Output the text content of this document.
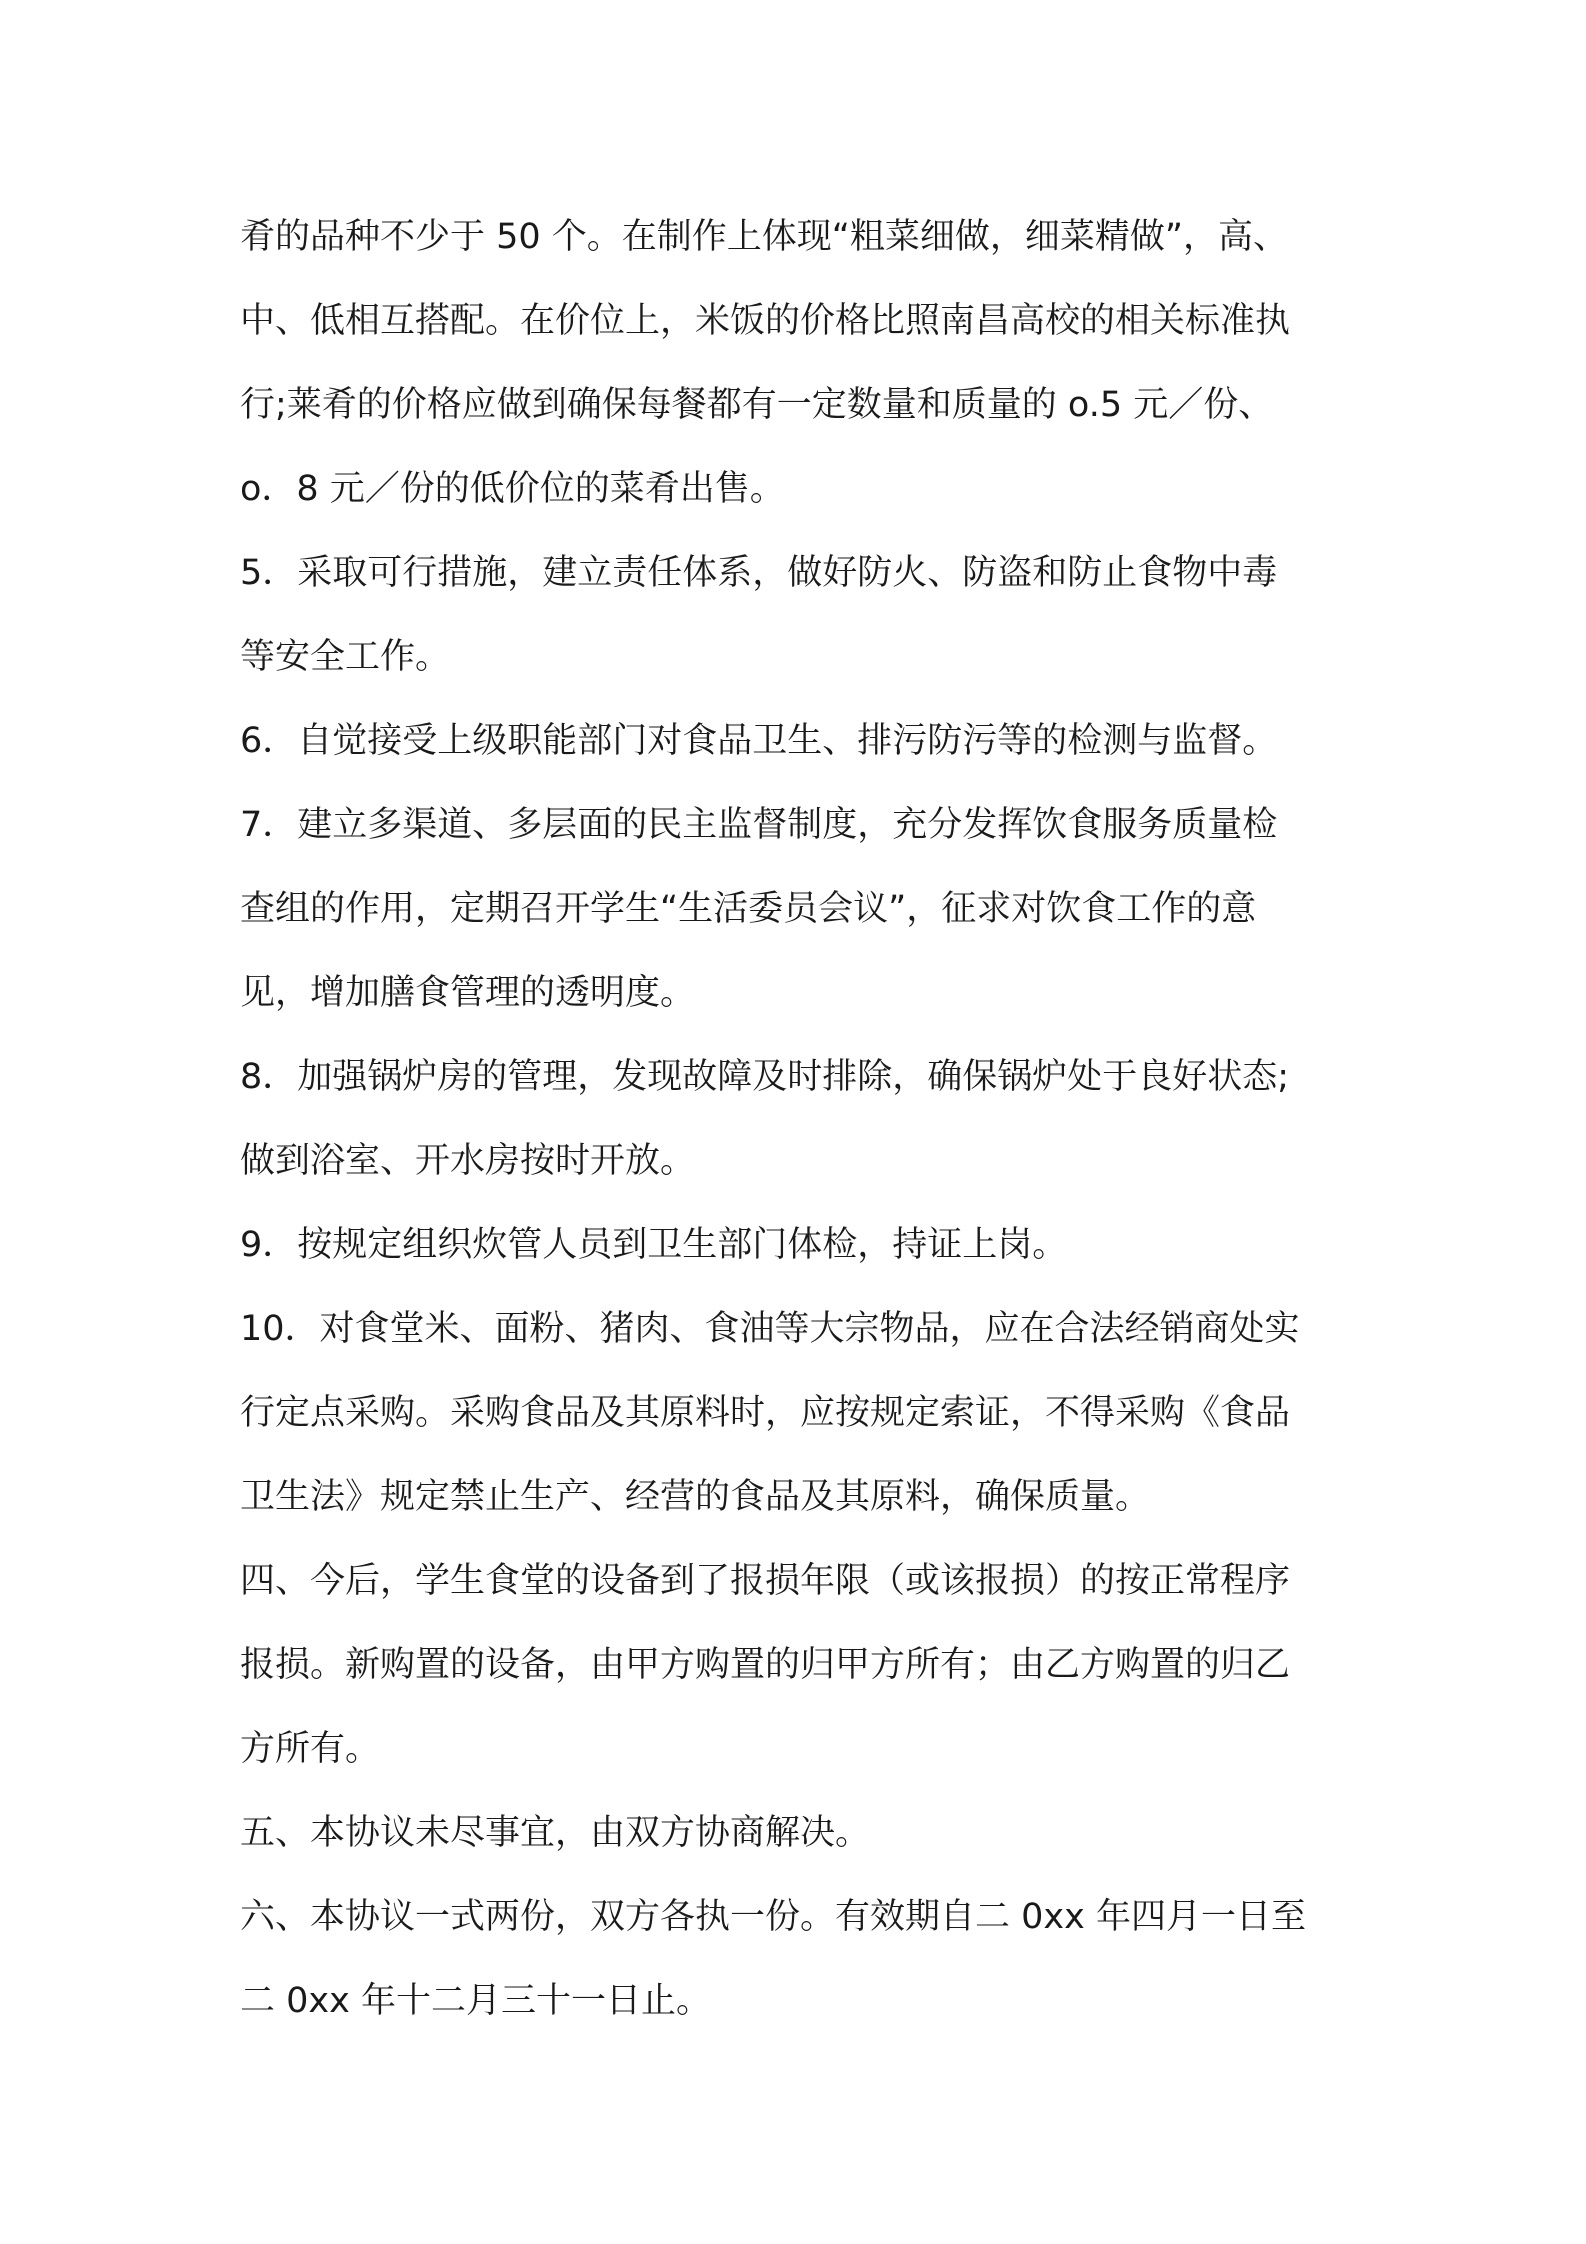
肴的品种不少于 50 个。在制作上体现“粗菜细做，细菜精做”，高、
中、低相互搭配。在价位上，米饭的价格比照南昌高校的相关标准执
行;莱肴的价格应做到确保每餐都有一定数量和质量的 o.5 元／份、
o．8 元／份的低价位的菜肴出售。
5．采取可行措施，建立责任体系，做好防火、防盗和防止食物中毒
等安全工作。
6．自觉接受上级职能部门对食品卫生、排污防污等的检测与监督。
7．建立多渠道、多层面的民主监督制度，充分发挥饮食服务质量检
查组的作用，定期召开学生“生活委员会议”，征求对饮食工作的意
见，增加膳食管理的透明度。
8．加强锅炉房的管理，发现故障及时排除，确保锅炉处于良好状态;
做到浴室、开水房按时开放。
9．按规定组织炊管人员到卫生部门体检，持证上岗。
10．对食堂米、面粉、猪肉、食油等大宗物品，应在合法经销商处实
行定点采购。采购食品及其原料时，应按规定索证，不得采购《食品
卫生法》规定禁止生产、经营的食品及其原料，确保质量。
四、今后，学生食堂的设备到了报损年限（或该报损）的按正常程序
报损。新购置的设备，由甲方购置的归甲方所有；由乙方购置的归乙
方所有。
五、本协议未尽事宜，由双方协商解决。
六、本协议一式两份，双方各执一份。有效期自二 0xx 年四月一日至
二 0xx 年十二月三十一日止。
